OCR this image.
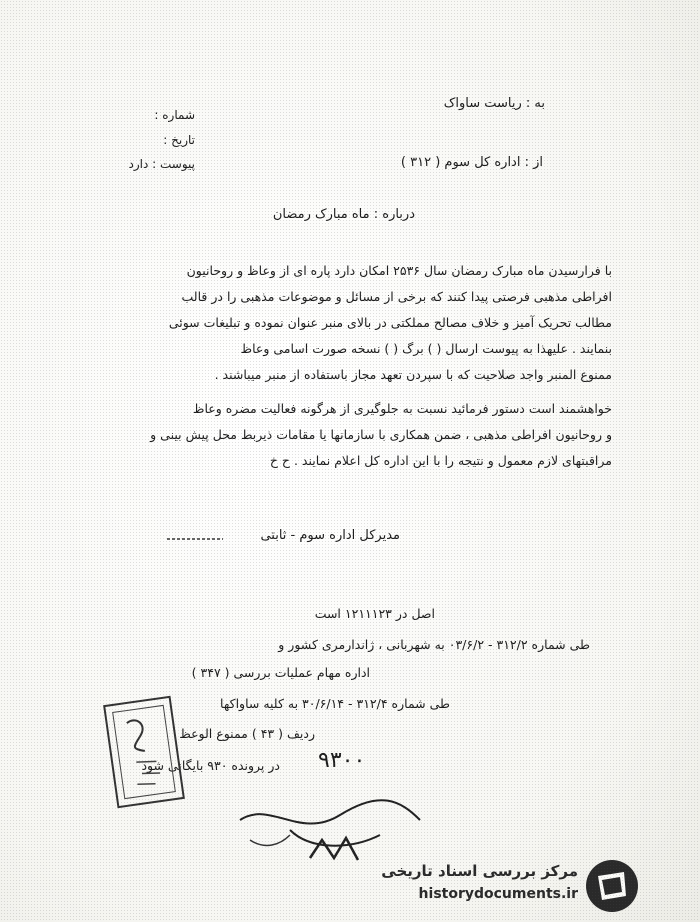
به : ریاست ساواک
شماره :
تاریخ :
پیوست : دارد	از : اداره کل سوم ( ۳۱۲ )
درباره : ماه مبارک رمضان
با فرارسیدن ماه مبارک رمضان سال ۲۵۳۶ امکان دارد پاره ای از وعاظ و روحانیون
افراطی مذهبی فرصتی پیدا کنند که برخی از مسائل و موضوعات مذهبی را در قالب
مطالب تحریک آمیز و خلاف مصالح مملکتی در بالای منبر عنوان نموده و تبلیغات سوئی
بنمایند . علیهذا به پیوست ارسال ( ) برگ ( ) نسخه صورت اسامی وعاظ
ممنوع المنبر واجد صلاحیت که با سپردن تعهد مجاز باستفاده از منبر میباشند .
خواهشمند است دستور فرمائید نسبت به جلوگیری از هرگونه فعالیت مضره وعاظ
و روحانیون افراطی مذهبی ، ضمن همکاری با سازمانها یا مقامات ذیربط محل پیش بینی و
مراقبتهای لازم معمول و نتیجه را با این اداره کل اعلام نمایند . ح خ
مدیرکل اداره سوم - ثابتی
اصل در ۱۲۱۱۱۲۳ است
طی شماره ۳۱۲/۲ - ۰۳/۶/۲ به شهربانی ، ژاندارمری کشور و
اداره مهام عملیات بررسی ( ۳۴۷ )
طی شماره ۳۱۲/۴ - ۳۰/۶/۱۴ به کلیه ساواکها
ردیف ( ۴۳ ) ممنوع الوعظ
در پرونده ۹۳۰ بایگانی شود ۹۳۰۰
مرکز بررسی اسناد تاریخی
historydocuments.ir
